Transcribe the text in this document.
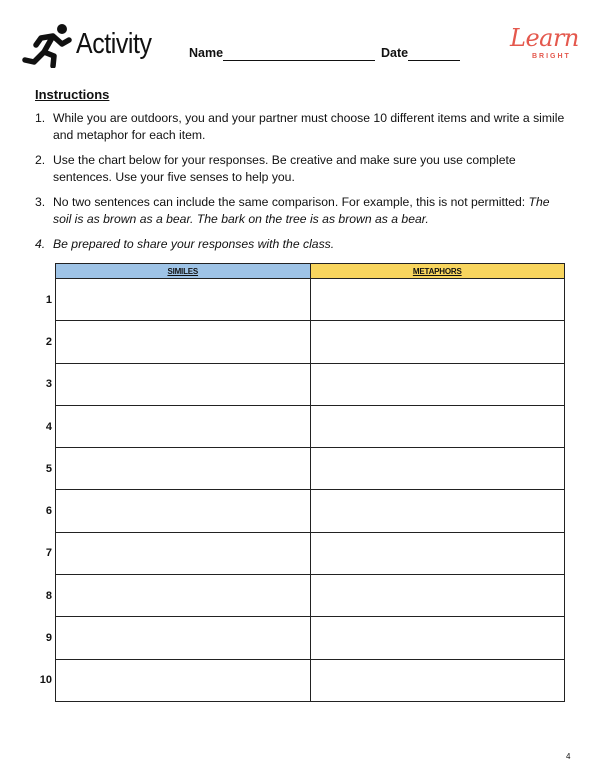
Activity	Name	Date
Learn
BRIGHT
Instructions
1. While you are outdoors, you and your partner must choose 10 different items and write a simile and metaphor for each item.
2. Use the chart below for your responses. Be creative and make sure you use complete sentences. Use your five senses to help you.
3. No two sentences can include the same comparison. For example, this is not permitted: The soil is as brown as a bear. The bark on the tree is as brown as a bear.
4. Be prepared to share your responses with the class.
	SIMILES	METAPHORS
1		
2		
3		
4		
5		
6		
7		
8		
9		
10		
4
